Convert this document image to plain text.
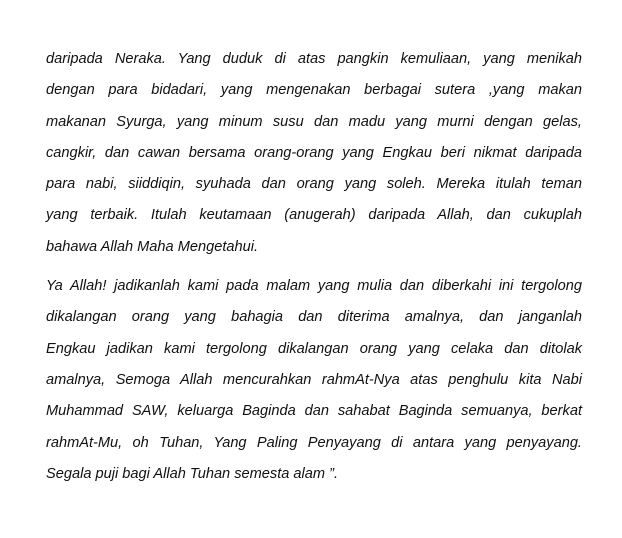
daripada Neraka. Yang duduk di atas pangkin kemuliaan, yang menikah
dengan para bidadari, yang mengenakan berbagai sutera ,yang makan
makanan Syurga, yang minum susu dan madu yang murni dengan gelas,
cangkir, dan cawan bersama orang-orang yang Engkau beri nikmat daripada
para nabi, siiddiqin, syuhada dan orang yang soleh. Mereka itulah teman
yang terbaik. Itulah keutamaan (anugerah) daripada Allah, dan cukuplah
bahawa Allah Maha Mengetahui.
Ya Allah! jadikanlah kami pada malam yang mulia dan diberkahi ini tergolong
dikalangan orang yang bahagia dan diterima amalnya, dan janganlah
Engkau jadikan kami tergolong dikalangan orang yang celaka dan ditolak
amalnya, Semoga Allah mencurahkan rahmAt-Nya atas penghulu kita Nabi
Muhammad SAW, keluarga Baginda dan sahabat Baginda semuanya, berkat
rahmAt-Mu, oh Tuhan, Yang Paling Penyayang di antara yang penyayang.
Segala puji bagi Allah Tuhan semesta alam ”.
